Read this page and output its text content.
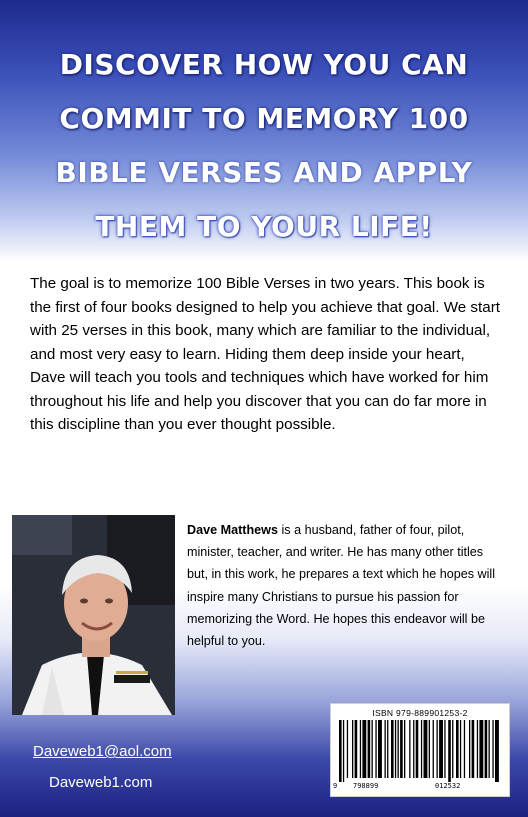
DISCOVER HOW YOU CAN
COMMIT TO MEMORY 100
BIBLE VERSES AND APPLY
THEM TO YOUR LIFE!

The goal is to memorize 100 Bible Verses in two years. This book is the first of four books designed to help you achieve that goal. We start with 25 verses in this book, many which are familiar to the individual, and most very easy to learn. Hiding them deep inside your heart, Dave will teach you tools and techniques which have worked for him throughout his life and help you discover that you can do far more in this discipline than you ever thought possible.

Dave Matthews is a husband, father of four, pilot, minister, teacher, and writer. He has many other titles but, in this work, he prepares a text which he hopes will inspire many Christians to pursue his passion for memorizing the Word. He hopes this endeavor will be helpful to you.

ISBN 979-889901253-2
9 798899	012532
Daveweb1@aol.com

Daveweb1.com
